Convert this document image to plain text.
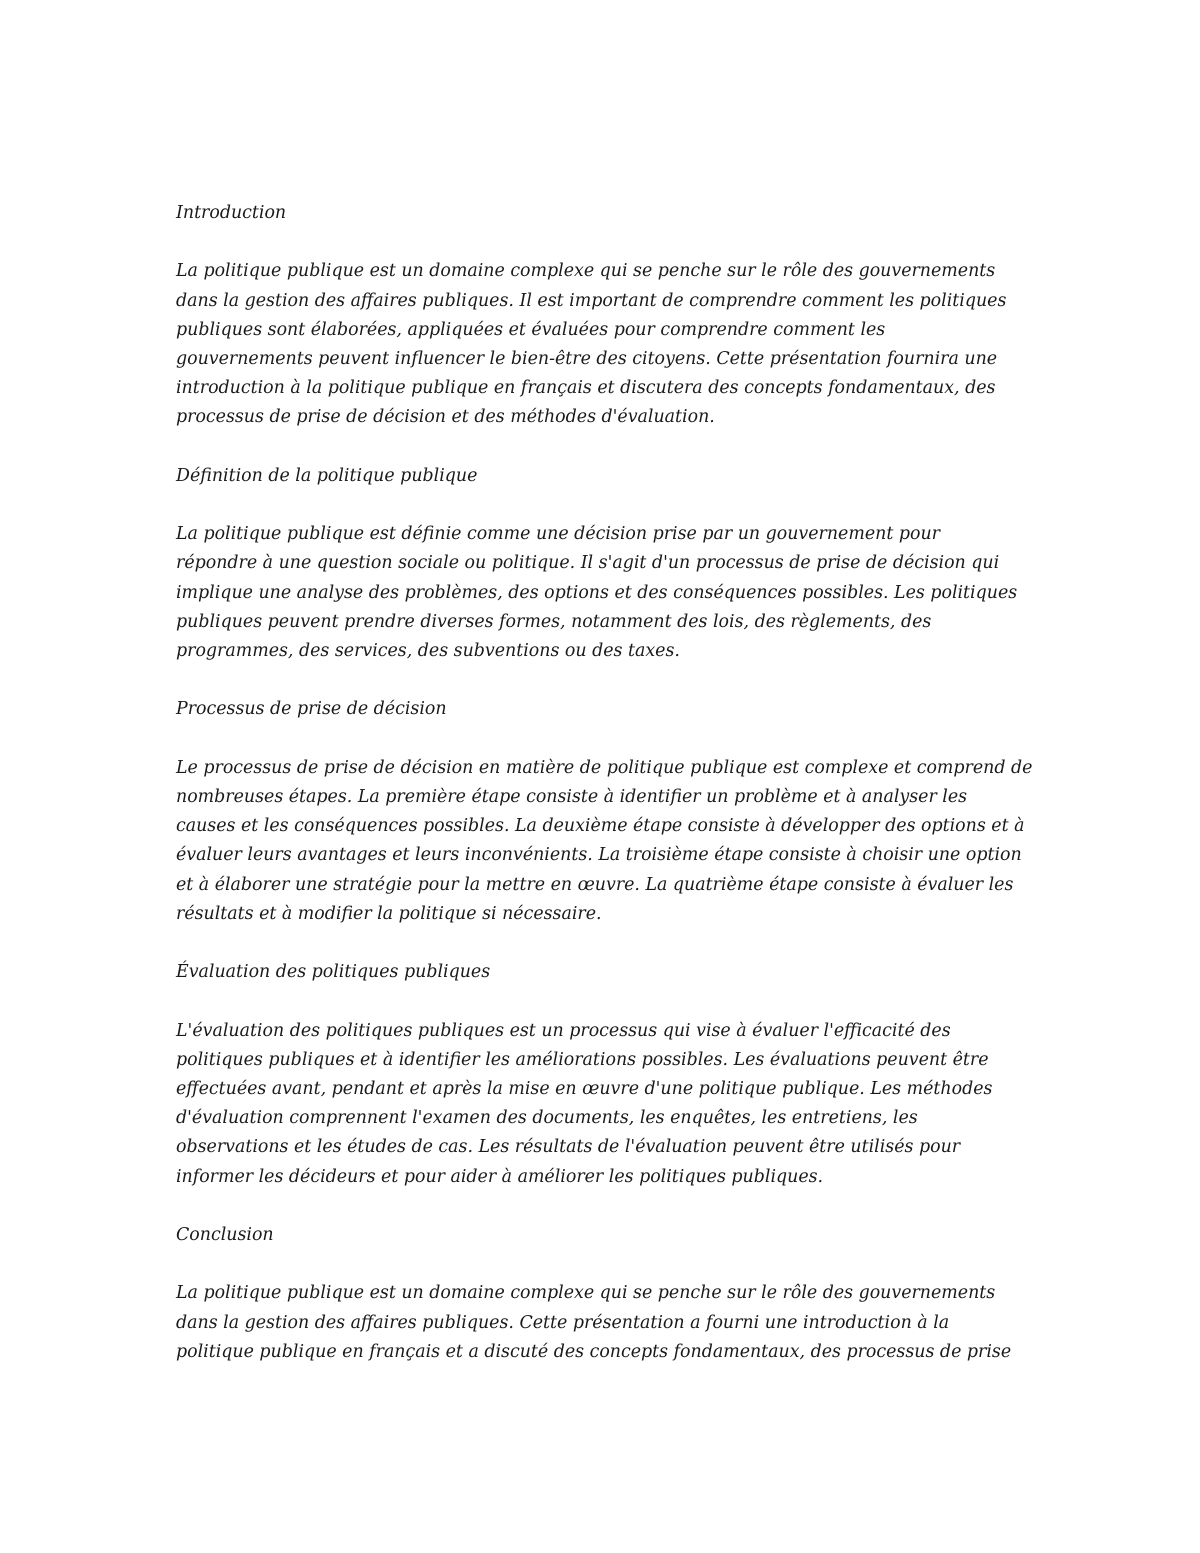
Introduction
La politique publique est un domaine complexe qui se penche sur le rôle des gouvernements
dans la gestion des affaires publiques. Il est important de comprendre comment les politiques
publiques sont élaborées, appliquées et évaluées pour comprendre comment les
gouvernements peuvent influencer le bien-être des citoyens. Cette présentation fournira une
introduction à la politique publique en français et discutera des concepts fondamentaux, des
processus de prise de décision et des méthodes d'évaluation.
Définition de la politique publique
La politique publique est définie comme une décision prise par un gouvernement pour
répondre à une question sociale ou politique. Il s'agit d'un processus de prise de décision qui
implique une analyse des problèmes, des options et des conséquences possibles. Les politiques
publiques peuvent prendre diverses formes, notamment des lois, des règlements, des
programmes, des services, des subventions ou des taxes.
Processus de prise de décision
Le processus de prise de décision en matière de politique publique est complexe et comprend de
nombreuses étapes. La première étape consiste à identifier un problème et à analyser les
causes et les conséquences possibles. La deuxième étape consiste à développer des options et à
évaluer leurs avantages et leurs inconvénients. La troisième étape consiste à choisir une option
et à élaborer une stratégie pour la mettre en œuvre. La quatrième étape consiste à évaluer les
résultats et à modifier la politique si nécessaire.
Évaluation des politiques publiques
L'évaluation des politiques publiques est un processus qui vise à évaluer l'efficacité des
politiques publiques et à identifier les améliorations possibles. Les évaluations peuvent être
effectuées avant, pendant et après la mise en œuvre d'une politique publique. Les méthodes
d'évaluation comprennent l'examen des documents, les enquêtes, les entretiens, les
observations et les études de cas. Les résultats de l'évaluation peuvent être utilisés pour
informer les décideurs et pour aider à améliorer les politiques publiques.
Conclusion
La politique publique est un domaine complexe qui se penche sur le rôle des gouvernements
dans la gestion des affaires publiques. Cette présentation a fourni une introduction à la
politique publique en français et a discuté des concepts fondamentaux, des processus de prise
